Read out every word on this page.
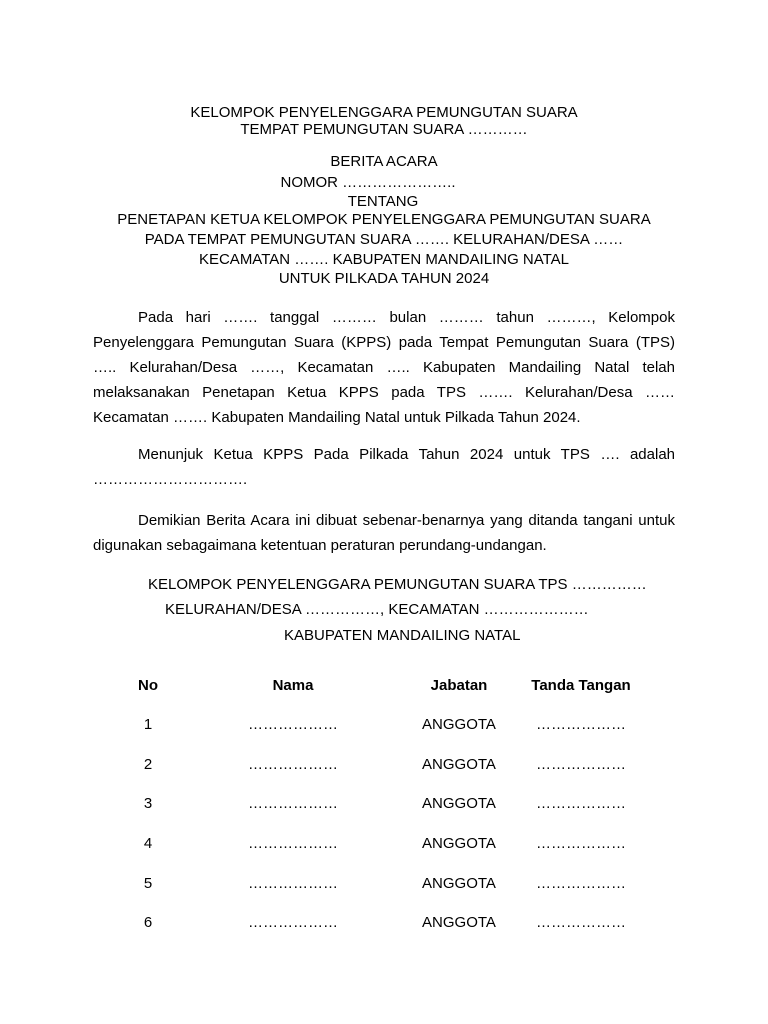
KELOMPOK PENYELENGGARA PEMUNGUTAN SUARA
TEMPAT PEMUNGUTAN SUARA …………
BERITA ACARA
NOMOR …………………..
TENTANG
PENETAPAN KETUA KELOMPOK PENYELENGGARA PEMUNGUTAN SUARA
PADA TEMPAT PEMUNGUTAN SUARA ……. KELURAHAN/DESA ……
KECAMATAN ……. KABUPATEN MANDAILING NATAL
UNTUK PILKADA TAHUN 2024

Pada hari ……. tanggal ……… bulan ……… tahun ………, Kelompok Penyelenggara Pemungutan Suara (KPPS) pada Tempat Pemungutan Suara (TPS) ….. Kelurahan/Desa ……, Kecamatan ….. Kabupaten Mandailing Natal telah melaksanakan Penetapan Ketua KPPS pada TPS ……. Kelurahan/Desa …… Kecamatan ……. Kabupaten Mandailing Natal untuk Pilkada Tahun 2024.

Menunjuk Ketua KPPS Pada Pilkada Tahun 2024 untuk TPS …. adalah ………………………….

Demikian Berita Acara ini dibuat sebenar-benarnya yang ditanda tangani untuk digunakan sebagaimana ketentuan peraturan perundang-undangan.

KELOMPOK PENYELENGGARA PEMUNGUTAN SUARA TPS ……………
KELURAHAN/DESA ……………, KECAMATAN …………………
KABUPATEN MANDAILING NATAL
No	Nama	Jabatan	Tanda Tangan
1	………………	ANGGOTA	………………
2	………………	ANGGOTA	………………
3	………………	ANGGOTA	………………
4	………………	ANGGOTA	………………
5	………………	ANGGOTA	………………
6	………………	ANGGOTA	………………
